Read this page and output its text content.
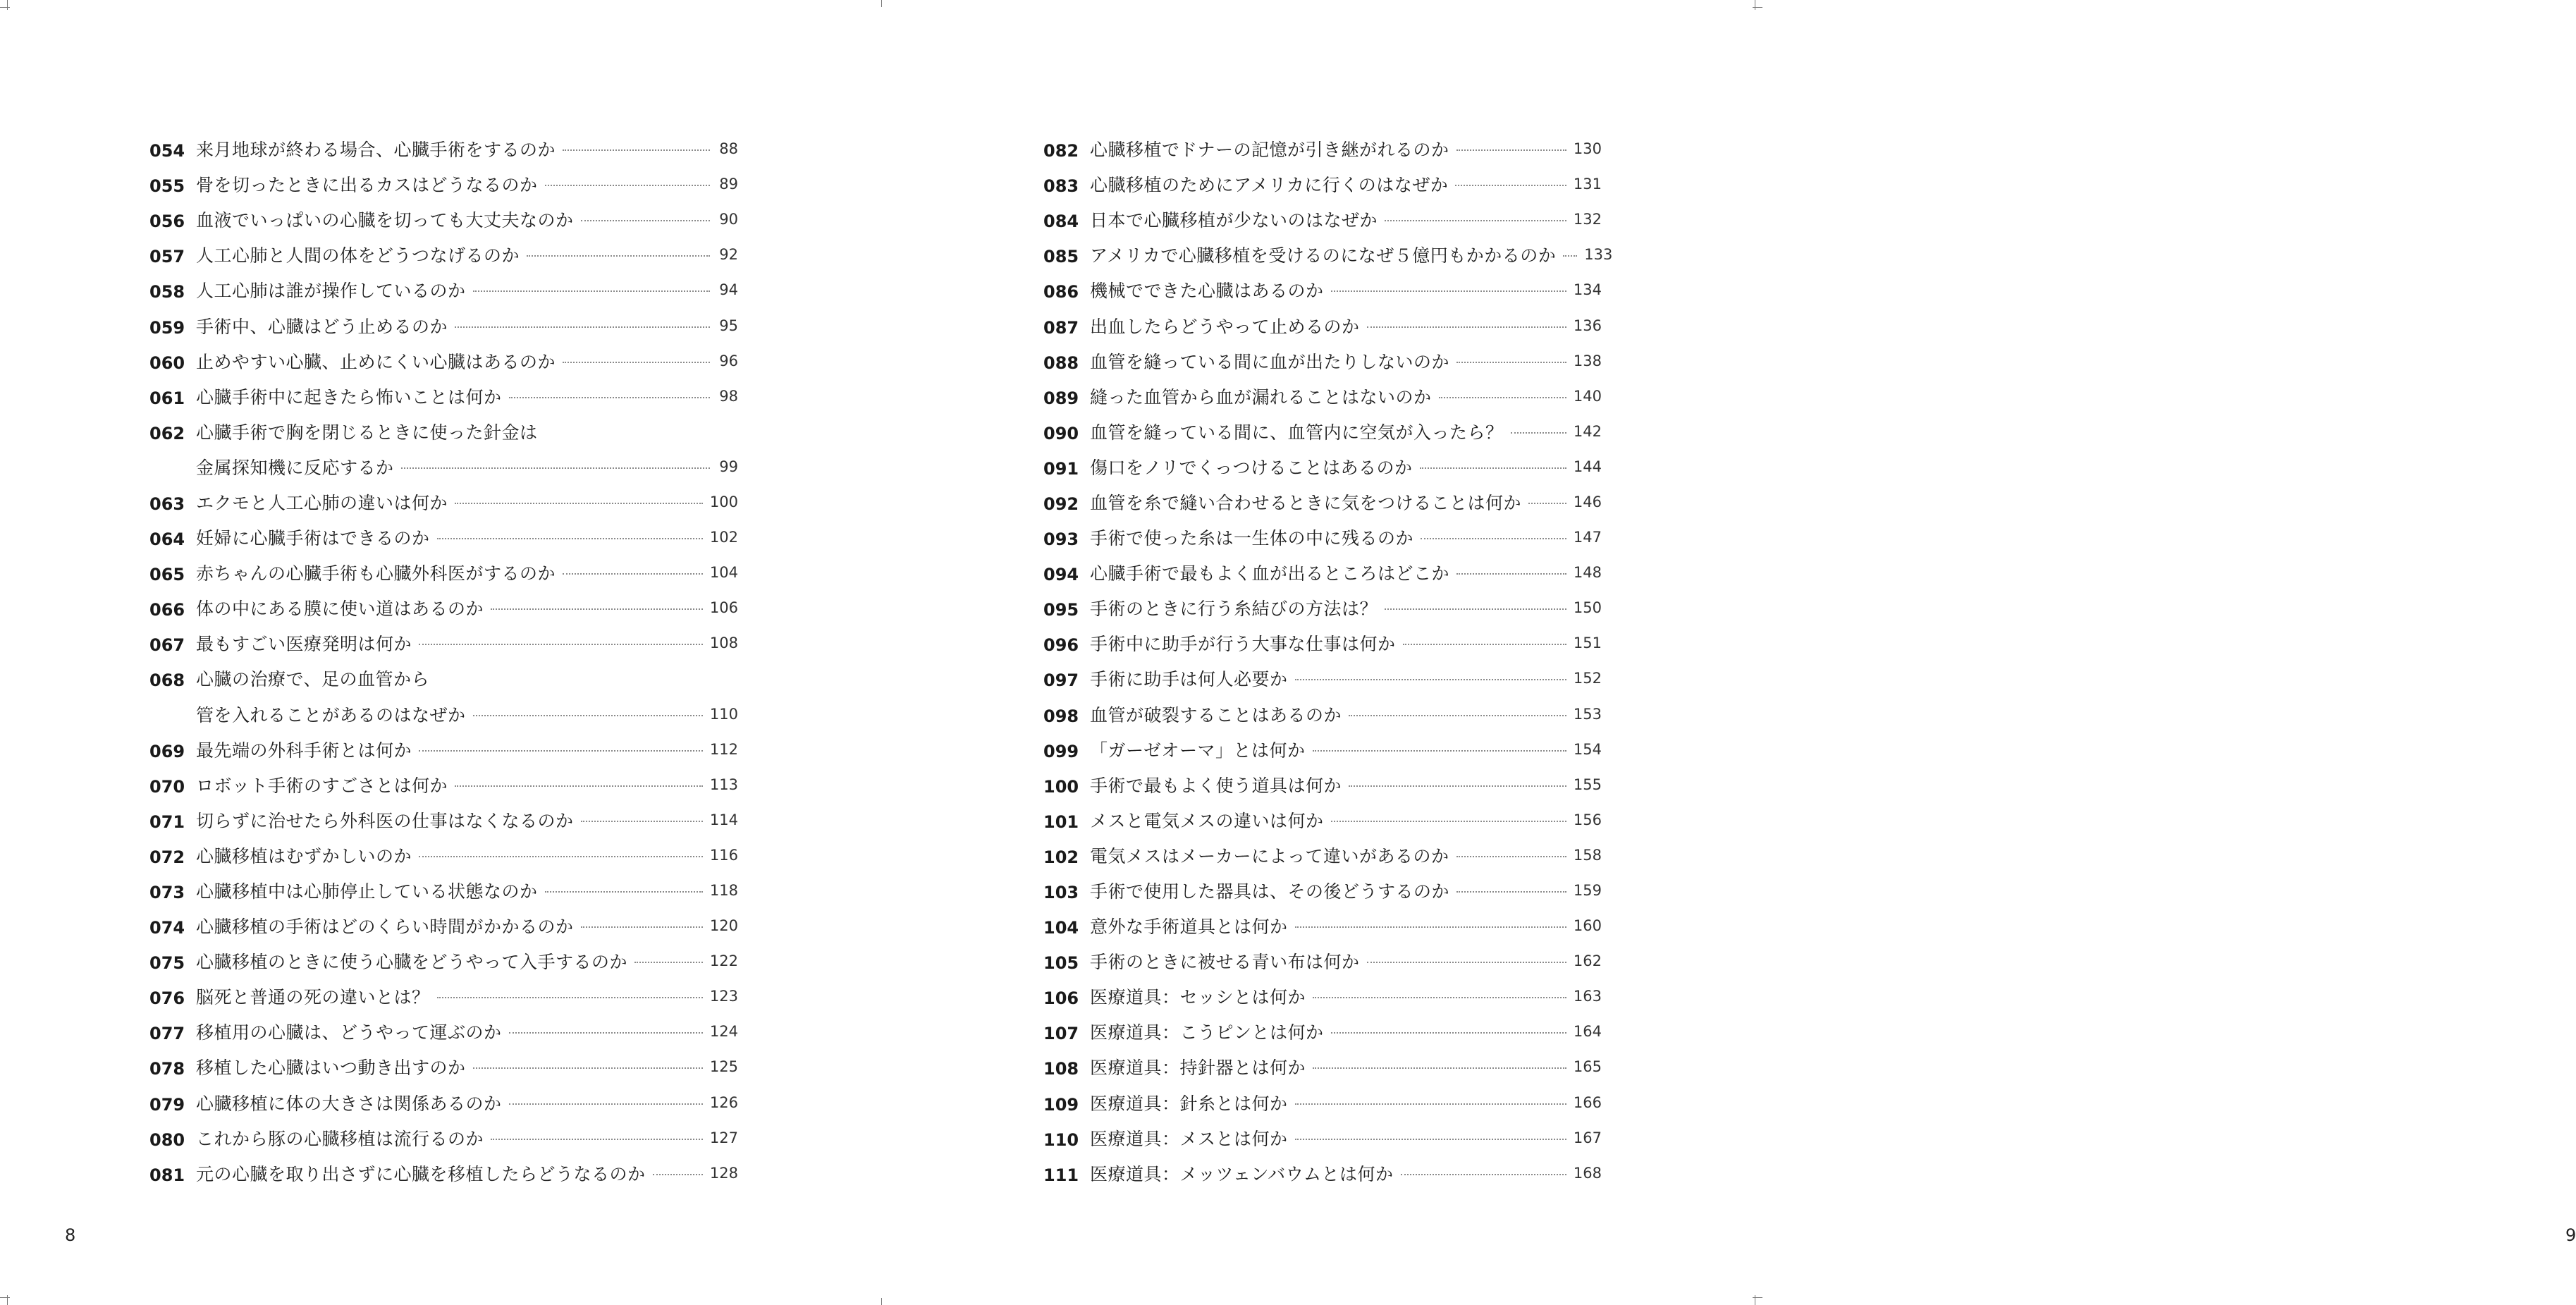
054 来月地球が終わる場合、心臓手術をするのか	88
055 骨を切ったときに出るカスはどうなるのか	89
056 血液でいっぱいの心臓を切っても大丈夫なのか	90
057 人工心肺と人間の体をどうつなげるのか	92
058 人工心肺は誰が操作しているのか	94
059 手術中、心臓はどう止めるのか	95
060 止めやすい心臓、止めにくい心臓はあるのか	96
061 心臓手術中に起きたら怖いことは何か	98
062 心臓手術で胸を閉じるときに使った針金は
金属探知機に反応するか	99
063 エクモと人工心肺の違いは何か	100
064 妊婦に心臓手術はできるのか	102
065 赤ちゃんの心臓手術も心臓外科医がするのか	104
066 体の中にある膜に使い道はあるのか	106
067 最もすごい医療発明は何か	108
068 心臓の治療で、足の血管から
管を入れることがあるのはなぜか	110
069 最先端の外科手術とは何か	112
070 ロボット手術のすごさとは何か	113
071 切らずに治せたら外科医の仕事はなくなるのか	114
072 心臓移植はむずかしいのか	116
073 心臓移植中は心肺停止している状態なのか	118
074 心臓移植の手術はどのくらい時間がかかるのか	120
075 心臓移植のときに使う心臓をどうやって入手するのか	122
076 脳死と普通の死の違いとは？	123
077 移植用の心臓は、どうやって運ぶのか	124
078 移植した心臓はいつ動き出すのか	125
079 心臓移植に体の大きさは関係あるのか	126
080 これから豚の心臓移植は流行るのか	127
081 元の心臓を取り出さずに心臓を移植したらどうなるのか	128
8
082 心臓移植でドナーの記憶が引き継がれるのか	130
083 心臓移植のためにアメリカに行くのはなぜか	131
084 日本で心臓移植が少ないのはなぜか	132
085 アメリカで心臓移植を受けるのになぜ５億円もかかるのか 133
086 機械でできた心臓はあるのか	134
087 出血したらどうやって止めるのか	136
088 血管を縫っている間に血が出たりしないのか	138
089 縫った血管から血が漏れることはないのか	140
090 血管を縫っている間に、血管内に空気が入ったら？	142
091 傷口をノリでくっつけることはあるのか	144
092 血管を糸で縫い合わせるときに気をつけることは何か	146
093 手術で使った糸は一生体の中に残るのか	147
094 心臓手術で最もよく血が出るところはどこか	148
095 手術のときに行う糸結びの方法は？	150
096 手術中に助手が行う大事な仕事は何か	151
097 手術に助手は何人必要か	152
098 血管が破裂することはあるのか	153
099 「ガーゼオーマ」とは何か	154
100 手術で最もよく使う道具は何か	155
101 メスと電気メスの違いは何か	156
102 電気メスはメーカーによって違いがあるのか	158
103 手術で使用した器具は、その後どうするのか	159
104 意外な手術道具とは何か	160
105 手術のときに被せる青い布は何か	162
106 医療道具：セッシとは何か	163
107 医療道具：こうピンとは何か	164
108 医療道具：持針器とは何か	165
109 医療道具：針糸とは何か	166
110 医療道具：メスとは何か	167
111 医療道具：メッツェンバウムとは何か	168
9
